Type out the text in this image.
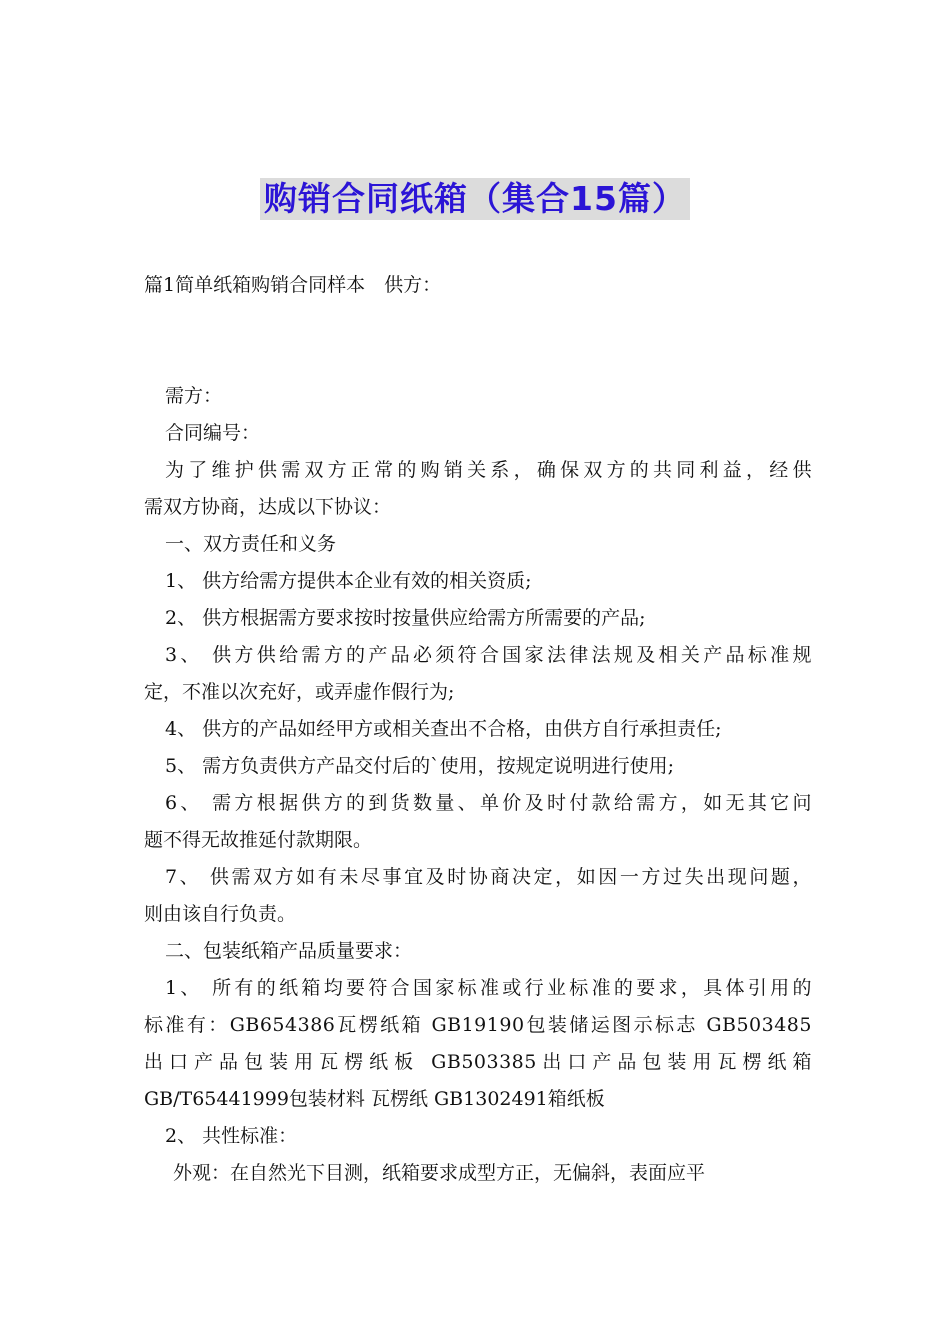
购销合同纸箱（集合15篇）
篇1简单纸箱购销合同样本　供方：
需方：
合同编号：
为了维护供需双方正常的购销关系，确保双方的共同利益，经供
需双方协商，达成以下协议：
一、双方责任和义务
1、 供方给需方提供本企业有效的相关资质;
2、 供方根据需方要求按时按量供应给需方所需要的产品;
3、 供方供给需方的产品必须符合国家法律法规及相关产品标准规
定，不准以次充好，或弄虚作假行为;
4、 供方的产品如经甲方或相关查出不合格，由供方自行承担责任;
5、 需方负责供方产品交付后的`使用，按规定说明进行使用;
6、 需方根据供方的到货数量、单价及时付款给需方，如无其它问
题不得无故推延付款期限。
7、 供需双方如有未尽事宜及时协商决定，如因一方过失出现问题，
则由该自行负责。
二、包装纸箱产品质量要求：
1、 所有的纸箱均要符合国家标准或行业标准的要求，具体引用的
标准有：GB654386瓦楞纸箱 GB19190包装储运图示标志 GB503485
出口产品包装用瓦楞纸板 GB503385出口产品包装用瓦楞纸箱
GB/T65441999包装材料 瓦楞纸 GB1302491箱纸板
2、 共性标准：
外观：在自然光下目测，纸箱要求成型方正，无偏斜，表面应平
